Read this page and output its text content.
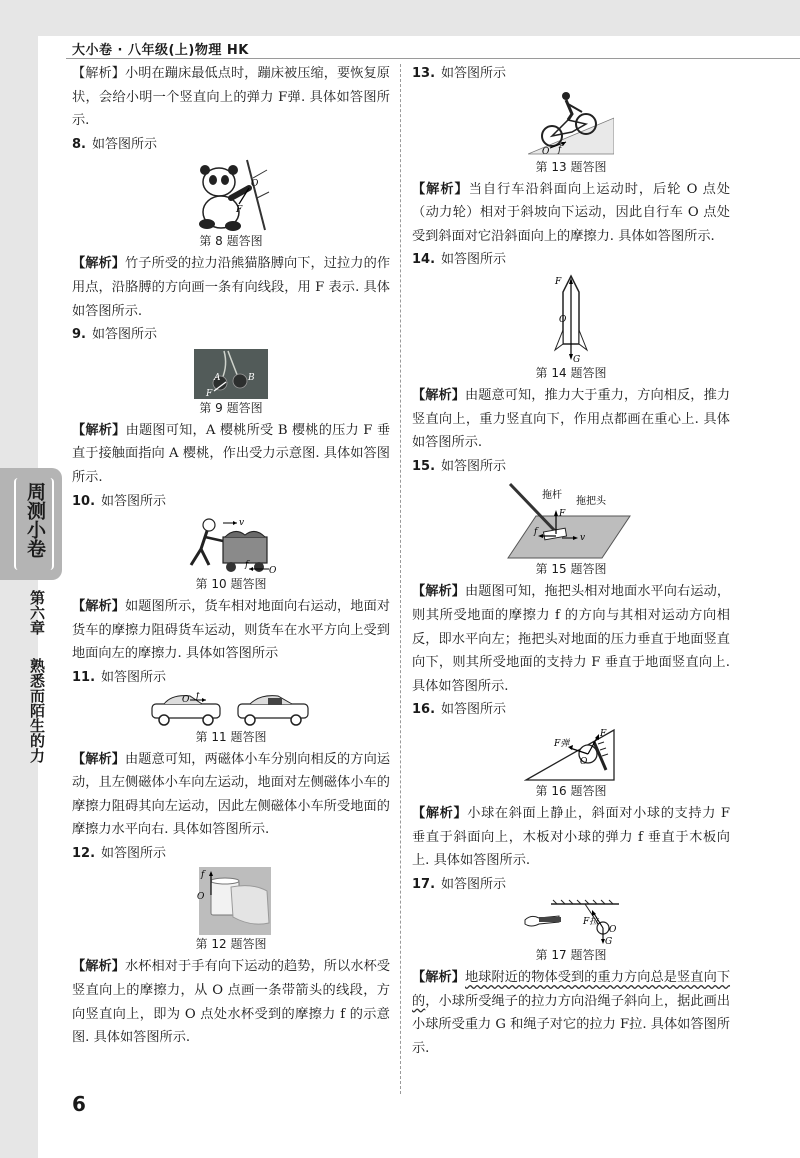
大小卷 · 八年级(上)物理 HK
周测小卷
第六章
熟悉而陌生的力
【解析】小明在蹦床最低点时，蹦床被压缩，要恢复原状，会给小明一个竖直向上的弹力 F弹. 具体如答图所示.
8. 如答图所示
O
F
第 8 题答图
【解析】竹子所受的拉力沿熊猫胳膊向下，过拉力的作用点，沿胳膊的方向画一条有向线段，用 F 表示. 具体如答图所示.
9. 如答图所示
A	B
F
第 9 题答图
【解析】由题图可知，A 樱桃所受 B 樱桃的压力 F 垂直于接触面指向 A 樱桃，作出受力示意图. 具体如答图所示.
10. 如答图所示
v
f
O
第 10 题答图
【解析】如题图所示，货车相对地面向右运动，地面对货车的摩擦力阻碍货车运动，则货车在水平方向上受到地面向左的摩擦力. 具体如答图所示
11. 如答图所示
O f
第 11 题答图
【解析】由题意可知，两磁体小车分别向相反的方向运动，且左侧磁体小车向左运动，地面对左侧磁体小车的摩擦力阻碍其向左运动，因此左侧磁体小车所受地面的摩擦力水平向右. 具体如答图所示.
12. 如答图所示
f
O
第 12 题答图
【解析】水杯相对于手有向下运动的趋势，所以水杯受竖直向上的摩擦力，从 O 点画一条带箭头的线段，方向竖直向上，即为 O 点处水杯受到的摩擦力 f 的示意图. 具体如答图所示.
13. 如答图所示
O f
第 13 题答图
【解析】当自行车沿斜面向上运动时，后轮 O 点处（动力轮）相对于斜坡向下运动，因此自行车 O 点处受到斜面对它沿斜面向上的摩擦力. 具体如答图所示.
14. 如答图所示
F
O
G
第 14 题答图
【解析】由题意可知，推力大于重力，方向相反，推力竖直向上，重力竖直向下，作用点都画在重心上. 具体如答图所示.
15. 如答图所示
拖杆
拖把头
F
f
v
第 15 题答图
【解析】由题图可知，拖把头相对地面水平向右运动，则其所受地面的摩擦力 f 的方向与其相对运动方向相反，即水平向左；拖把头对地面的压力垂直于地面竖直向下，则其所受地面的支持力 F 垂直于地面竖直向上. 具体如答图所示.
16. 如答图所示
F弹
F
O
第 16 题答图
【解析】小球在斜面上静止，斜面对小球的支持力 F 垂直于斜面向上，木板对小球的弹力 f 垂直于木板向上. 具体如答图所示.
17. 如答图所示
F拉
O
G
第 17 题答图
【解析】地球附近的物体受到的重力方向总是竖直向下的，小球所受绳子的拉力方向沿绳子斜向上，据此画出小球所受重力 G 和绳子对它的拉力 F拉. 具体如答图所示.
6
